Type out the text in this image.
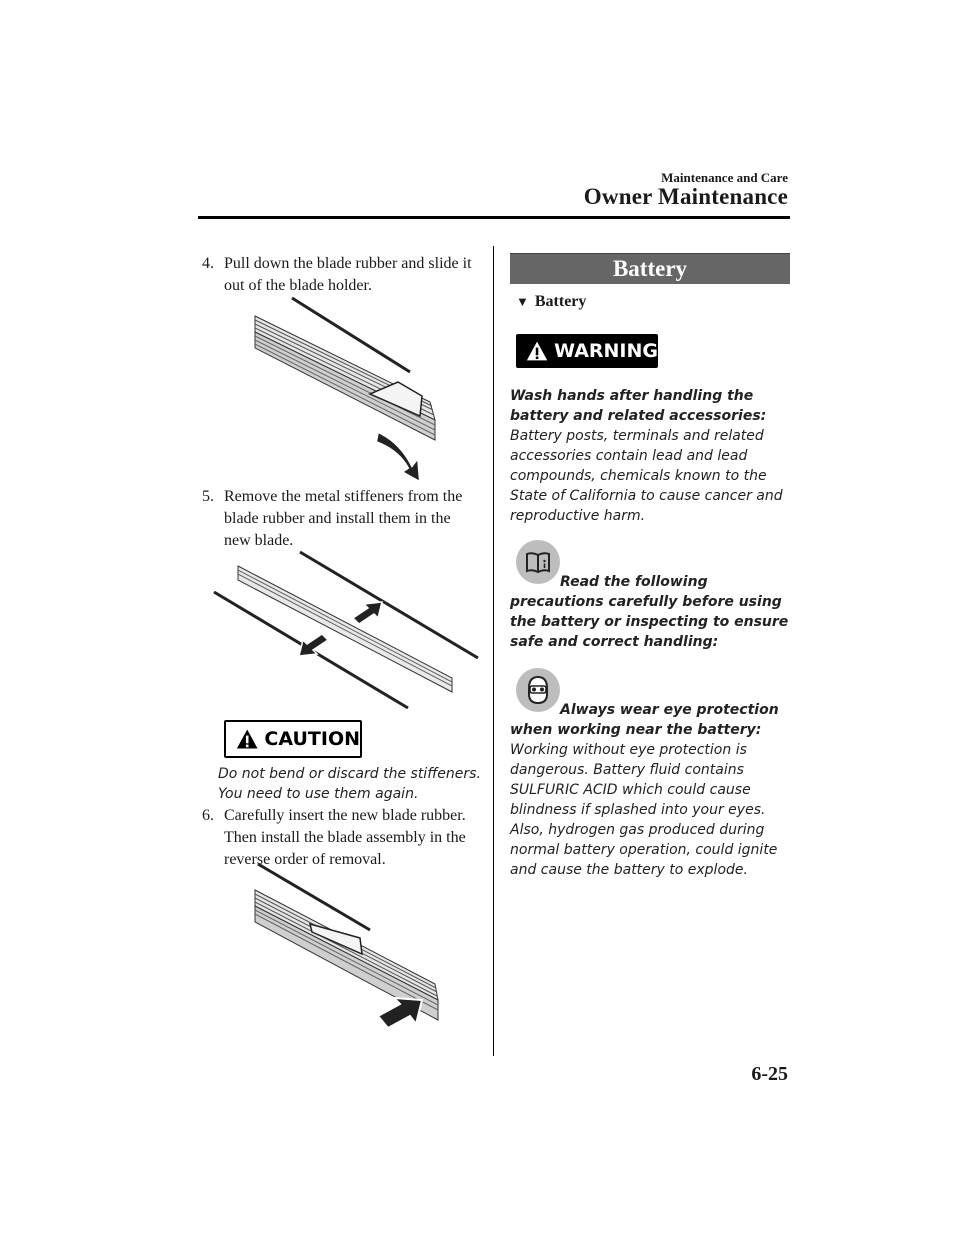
Maintenance and Care
Owner Maintenance
4. Pull down the blade rubber and slide it out of the blade holder.
5. Remove the metal stiffeners from the blade rubber and install them in the new blade.
CAUTION
Do not bend or discard the stiffeners.
You need to use them again.
6. Carefully insert the new blade rubber. Then install the blade assembly in the reverse order of removal.
Battery
▼ Battery
WARNING
Wash hands after handling the battery and related accessories:
Battery posts, terminals and related accessories contain lead and lead compounds, chemicals known to the State of California to cause cancer and reproductive harm.
Read the following precautions carefully before using the battery or inspecting to ensure safe and correct handling:
Always wear eye protection when working near the battery:
Working without eye protection is dangerous. Battery fluid contains SULFURIC ACID which could cause blindness if splashed into your eyes. Also, hydrogen gas produced during normal battery operation, could ignite and cause the battery to explode.
6-25
